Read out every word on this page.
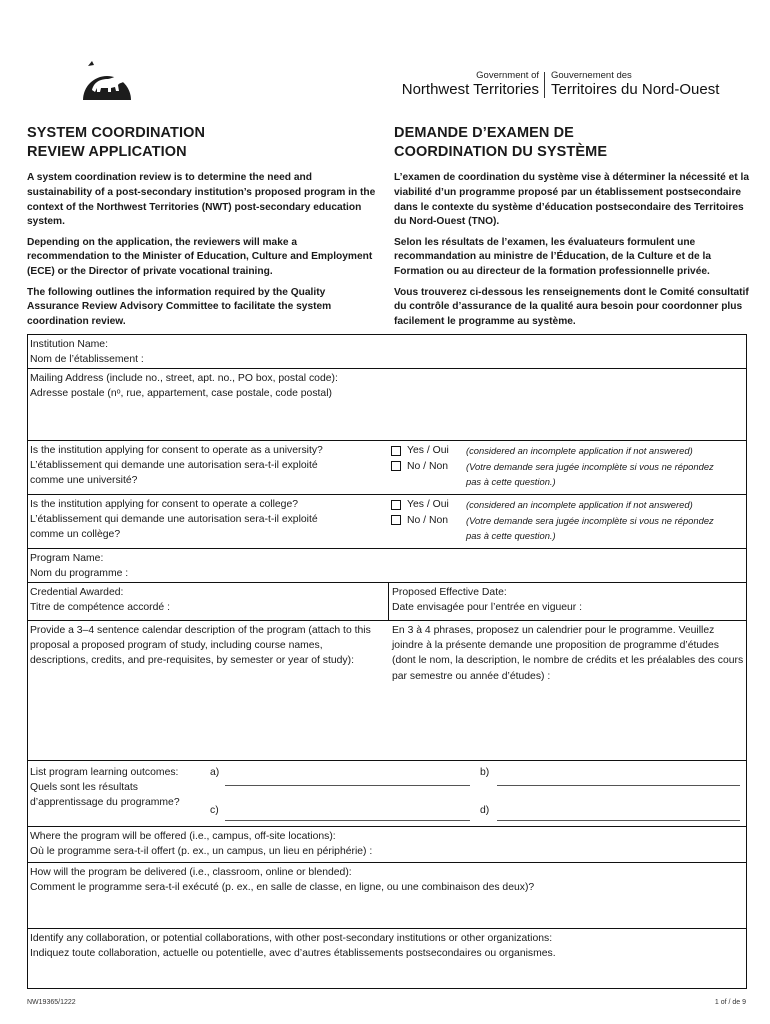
Government of
Northwest Territories
Gouvernement des
Territoires du Nord-Ouest
SYSTEM COORDINATION
REVIEW APPLICATION

A system coordination review is to determine the need and sustainability of a post-secondary institution’s proposed program in the context of the Northwest Territories (NWT) post-secondary education system.

Depending on the application, the reviewers will make a recommendation to the Minister of Education, Culture and Employment (ECE) or the Director of private vocational training.

The following outlines the information required by the Quality Assurance Review Advisory Committee to facilitate the system coordination review.

DEMANDE D’EXAMEN DE
COORDINATION DU SYSTÈME

L’examen de coordination du système vise à déterminer la nécessité et la viabilité d’un programme proposé par un établissement postsecondaire dans le contexte du système d’éducation postsecondaire des Territoires du Nord-Ouest (TNO).

Selon les résultats de l’examen, les évaluateurs formulent une recommandation au ministre de l’Éducation, de la Culture et de la Formation ou au directeur de la formation professionnelle privée.

Vous trouverez ci-dessous les renseignements dont le Comité consultatif du contrôle d’assurance de la qualité aura besoin pour coordonner plus facilement le programme au système.

Institution Name:
Nom de l’établissement :
Mailing Address (include no., street, apt. no., PO box, postal code):
Adresse postale (nᵒ, rue, appartement, case postale, code postal)
Is the institution applying for consent to operate as a university?
L’établissement qui demande une autorisation sera-t-il exploité
comme une université?
Yes / Oui
No / Non
(considered an incomplete application if not answered)
(Votre demande sera jugée incomplète si vous ne répondez
pas à cette question.)
Is the institution applying for consent to operate a college?
L’établissement qui demande une autorisation sera-t-il exploité
comme un collège?
Yes / Oui
No / Non
(considered an incomplete application if not answered)
(Votre demande sera jugée incomplète si vous ne répondez
pas à cette question.)
Program Name:
Nom du programme :
Credential Awarded:
Titre de compétence accordé :
Proposed Effective Date:
Date envisagée pour l’entrée en vigueur :
Provide a 3–4 sentence calendar description of the program (attach to this proposal a proposed program of study, including course names, descriptions, credits, and pre-requisites, by semester or year of study):
En 3 à 4 phrases, proposez un calendrier pour le programme. Veuillez joindre à la présente demande une proposition de programme d’études (dont le nom, la description, le nombre de crédits et les préalables des cours par semestre ou année d’études) :
List program learning outcomes:
Quels sont les résultats d’apprentissage du programme?
a)	b)
c)	d)
Where the program will be offered (i.e., campus, off-site locations):
Où le programme sera-t-il offert (p. ex., un campus, un lieu en périphérie) :
How will the program be delivered (i.e., classroom, online or blended):
Comment le programme sera-t-il exécuté (p. ex., en salle de classe, en ligne, ou une combinaison des deux)?
Identify any collaboration, or potential collaborations, with other post-secondary institutions or other organizations:
Indiquez toute collaboration, actuelle ou potentielle, avec d’autres établissements postsecondaires ou organismes.
NW19365/1222	1 of / de 9
